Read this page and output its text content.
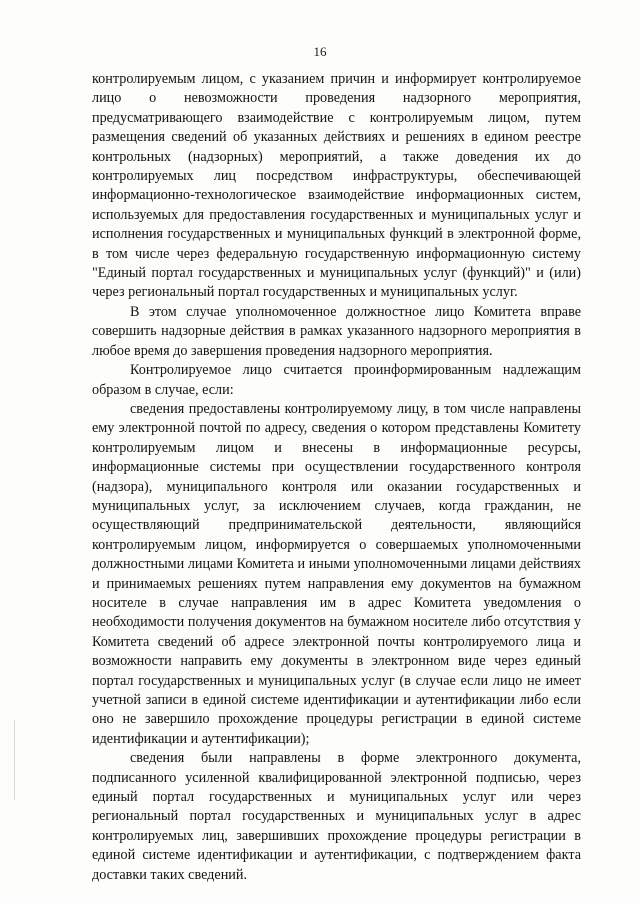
16

контролируемым лицом, с указанием причин и информирует контролируемое лицо о невозможности проведения надзорного мероприятия, предусматривающего взаимодействие с контролируемым лицом, путем размещения сведений об указанных действиях и решениях в едином реестре контрольных (надзорных) мероприятий, а также доведения их до контролируемых лиц посредством инфраструктуры, обеспечивающей информационно-технологическое взаимодействие информационных систем, используемых для предоставления государственных и муниципальных услуг и исполнения государственных и муниципальных функций в электронной форме, в том числе через федеральную государственную информационную систему "Единый портал государственных и муниципальных услуг (функций)" и (или) через региональный портал государственных и муниципальных услуг.

В этом случае уполномоченное должностное лицо Комитета вправе совершить надзорные действия в рамках указанного надзорного мероприятия в любое время до завершения проведения надзорного мероприятия.

Контролируемое лицо считается проинформированным надлежащим образом в случае, если:

сведения предоставлены контролируемому лицу, в том числе направлены ему электронной почтой по адресу, сведения о котором представлены Комитету контролируемым лицом и внесены в информационные ресурсы, информационные системы при осуществлении государственного контроля (надзора), муниципального контроля или оказании государственных и муниципальных услуг, за исключением случаев, когда гражданин, не осуществляющий предпринимательской деятельности, являющийся контролируемым лицом, информируется о совершаемых уполномоченными должностными лицами Комитета и иными уполномоченными лицами действиях и принимаемых решениях путем направления ему документов на бумажном носителе в случае направления им в адрес Комитета уведомления о необходимости получения документов на бумажном носителе либо отсутствия у Комитета сведений об адресе электронной почты контролируемого лица и возможности направить ему документы в электронном виде через единый портал государственных и муниципальных услуг (в случае если лицо не имеет учетной записи в единой системе идентификации и аутентификации либо если оно не завершило прохождение процедуры регистрации в единой системе идентификации и аутентификации);

сведения были направлены в форме электронного документа, подписанного усиленной квалифицированной электронной подписью, через единый портал государственных и муниципальных услуг или через региональный портал государственных и муниципальных услуг в адрес контролируемых лиц, завершивших прохождение процедуры регистрации в единой системе идентификации и аутентификации, с подтверждением факта доставки таких сведений.
